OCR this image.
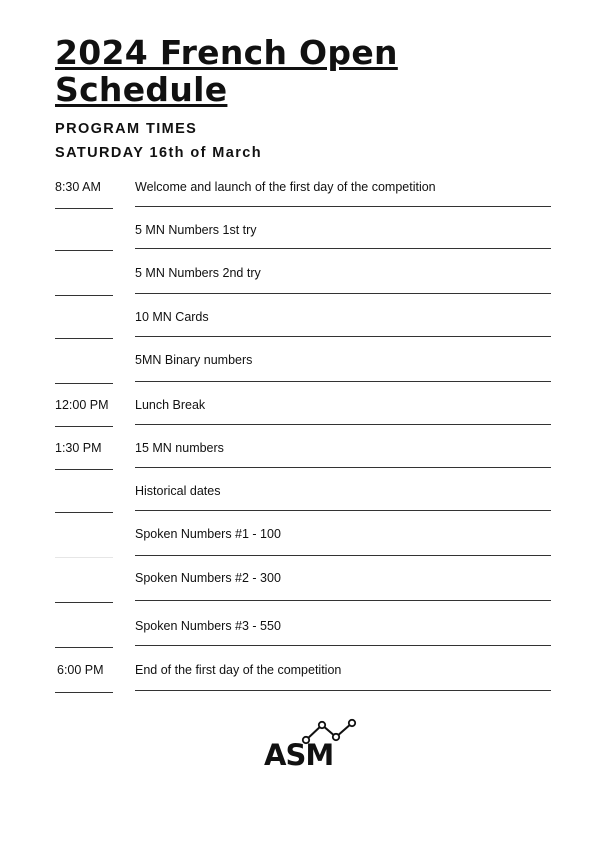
2024 French Open Schedule
PROGRAM TIMES
SATURDAY 16th of March
8:30 AM	Welcome and launch of the first day of the competition
5 MN Numbers 1st try
5 MN Numbers 2nd try
10 MN Cards
5MN Binary numbers
12:00 PM	Lunch Break
1:30 PM	15 MN numbers
Historical dates
Spoken Numbers #1 - 100
Spoken Numbers #2 - 300
Spoken Numbers #3 - 550
6:00 PM	End of the first day of the competition
ASM
